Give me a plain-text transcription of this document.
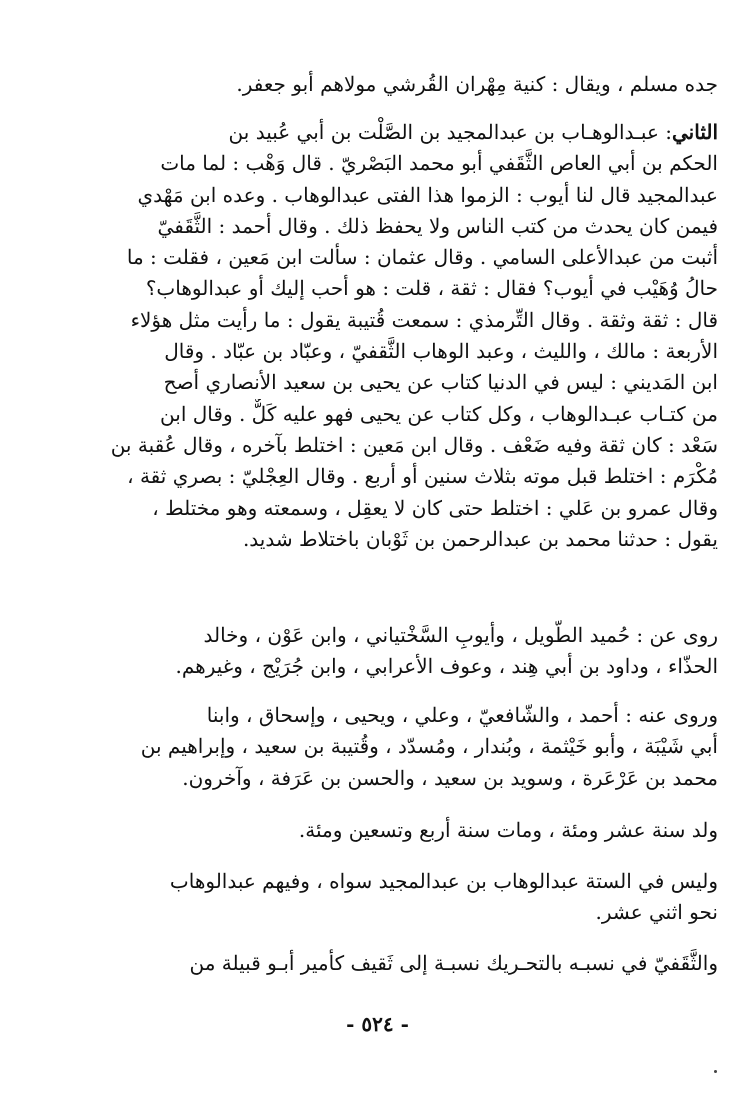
جده مسلم ، ويقال : كنية مِهْران القُرشي مولاهم أبو جعفر.
الثاني: عبـدالوهـاب بن عبدالمجيد بن الصَّلْت بن أبي عُبيد بن
الحكم بن أبي العاص الثَّقَفي أبو محمد البَصْريّ . قال وَهْب : لما مات
عبدالمجيد قال لنا أيوب : الزموا هذا الفتى عبدالوهاب . وعده ابن مَهْدي
فيمن كان يحدث من كتب الناس ولا يحفظ ذلك . وقال أحمد : الثَّقَفيّ
أثبت من عبدالأعلى السامي . وقال عثمان : سألت ابن مَعين ، فقلت : ما
حالُ وُهَيْب في أيوب؟ فقال : ثقة ، قلت : هو أحب إليك أو عبدالوهاب؟
قال : ثقة وثقة . وقال التِّرمذي : سمعت قُتيبة يقول : ما رأيت مثل هؤلاء
الأربعة : مالك ، والليث ، وعبد الوهاب الثَّقفيّ ، وعبّاد بن عبّاد . وقال
ابن المَديني : ليس في الدنيا كتاب عن يحيى بن سعيد الأنصاري أصح
من كتـاب عبـدالوهاب ، وكل كتاب عن يحيى فهو عليه كَلٌّ . وقال ابن
سَعْد : كان ثقة وفيه ضَعْف . وقال ابن مَعين : اختلط بآخره ، وقال عُقبة بن
مُكْرَم : اختلط قبل موته بثلاث سنين أو أربع . وقال العِجْليّ : بصري ثقة ،
وقال عمرو بن عَلي : اختلط حتى كان لا يعقِل ، وسمعته وهو مختلط ،
يقول : حدثنا محمد بن عبدالرحمن بن ثَوْبان باختلاط شديد.
روى عن : حُميد الطَّويل ، وأيوبِ السَّخْتياني ، وابن عَوْن ، وخالد
الحذّاء ، وداود بن أبي هِند ، وعوف الأعرابي ، وابن جُرَيْج ، وغيرهم.
وروى عنه : أحمد ، والشّافعيّ ، وعلي ، ويحيى ، وإسحاق ، وابنا
أبي شَيْبَة ، وأبو خَيْثمة ، وبُندار ، ومُسدّد ، وقُتيبة بن سعيد ، وإبراهيم بن
محمد بن عَرْعَرة ، وسويد بن سعيد ، والحسن بن عَرَفة ، وآخرون.
ولد سنة عشر ومئة ، ومات سنة أربع وتسعين ومئة.
وليس في الستة عبدالوهاب بن عبدالمجيد سواه ، وفيهم عبدالوهاب
نحو اثني عشر.
والثَّقَفيّ في نسبـه بالتحـريك نسبـة إلى ثَقيف كأمير أبـو قبيلة من
- ٥٢٤ -
